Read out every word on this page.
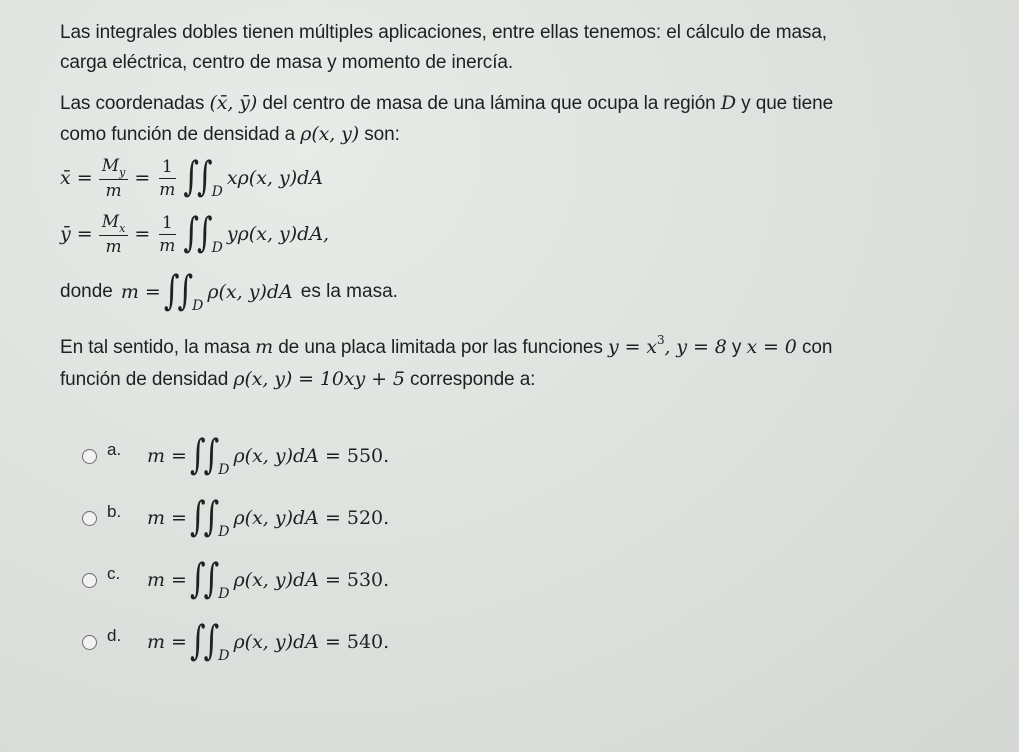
Las integrales dobles tienen múltiples aplicaciones, entre ellas tenemos: el cálculo de masa,
carga eléctrica, centro de masa y momento de inercía.

Las coordenadas (x̄, ȳ) del centro de masa de una lámina que ocupa la región D y que tiene
como función de densidad a ρ(x, y) son:

x̄ = $\frac{M_y}{m} = \frac{1}{m}$ ∫
∫ D
xρ(x, y)dA
ȳ = $\frac{M_x}{m} = \frac{1}{m}$ ∫
∫ D
yρ(x, y)dA,
donde m = ∫
∫ D
ρ(x, y)dA es la masa.

En tal sentido, la masa m de una placa limitada por las funciones $y = x^3$, y = 8 y x = 0 con
función de densidad ρ(x, y) = 10xy + 5 corresponde a:

a.	m = ∫
∫ D
ρ(x, y)dA = 550.
b.	m = ∫
∫ D
ρ(x, y)dA = 520.
c.	m = ∫
∫ D
ρ(x, y)dA = 530.
d.	m = ∫
∫ D
ρ(x, y)dA = 540.
